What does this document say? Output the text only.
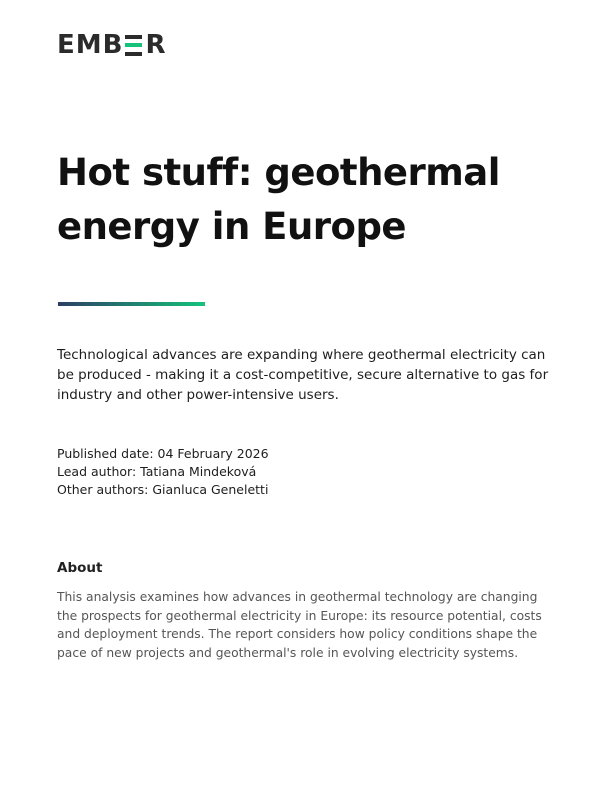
EMB R
Hot stuff: geothermal energy in Europe

Technological advances are expanding where geothermal electricity can be produced - making it a cost-competitive, secure alternative to gas for industry and other power-intensive users.

Published date: 04 February 2026
Lead author: Tatiana Mindeková
Other authors: Gianluca Geneletti
About

This analysis examines how advances in geothermal technology are changing the prospects for geothermal electricity in Europe: its resource potential, costs and deployment trends. The report considers how policy conditions shape the pace of new projects and geothermal's role in evolving electricity systems.
